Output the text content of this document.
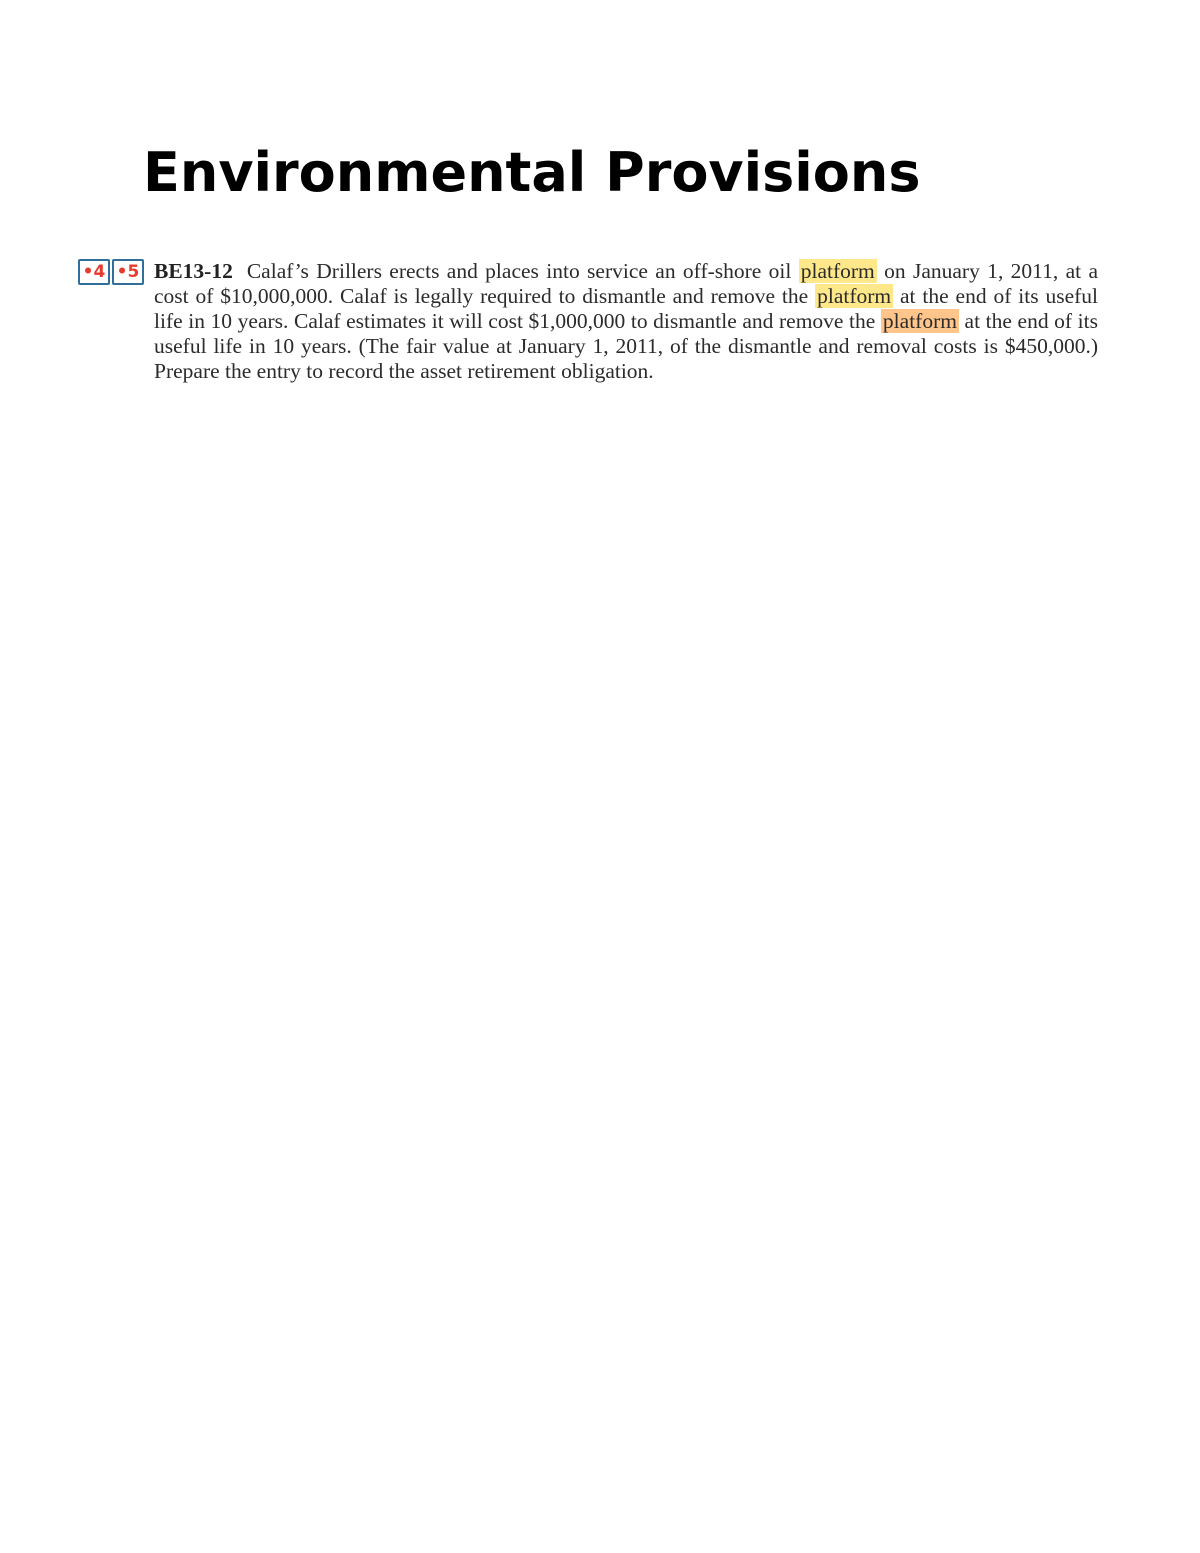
Environmental Provisions
•4 •5 BE13-12 Calaf’s Drillers erects and places into service an off-shore oil platform on January 1, 2011, at a cost of $10,000,000. Calaf is legally required to dismantle and remove the platform at the end of its useful life in 10 years. Calaf estimates it will cost $1,000,000 to dismantle and remove the platform at the end of its useful life in 10 years. (The fair value at January 1, 2011, of the dismantle and removal costs is $450,000.) Prepare the entry to record the asset retirement obligation.
